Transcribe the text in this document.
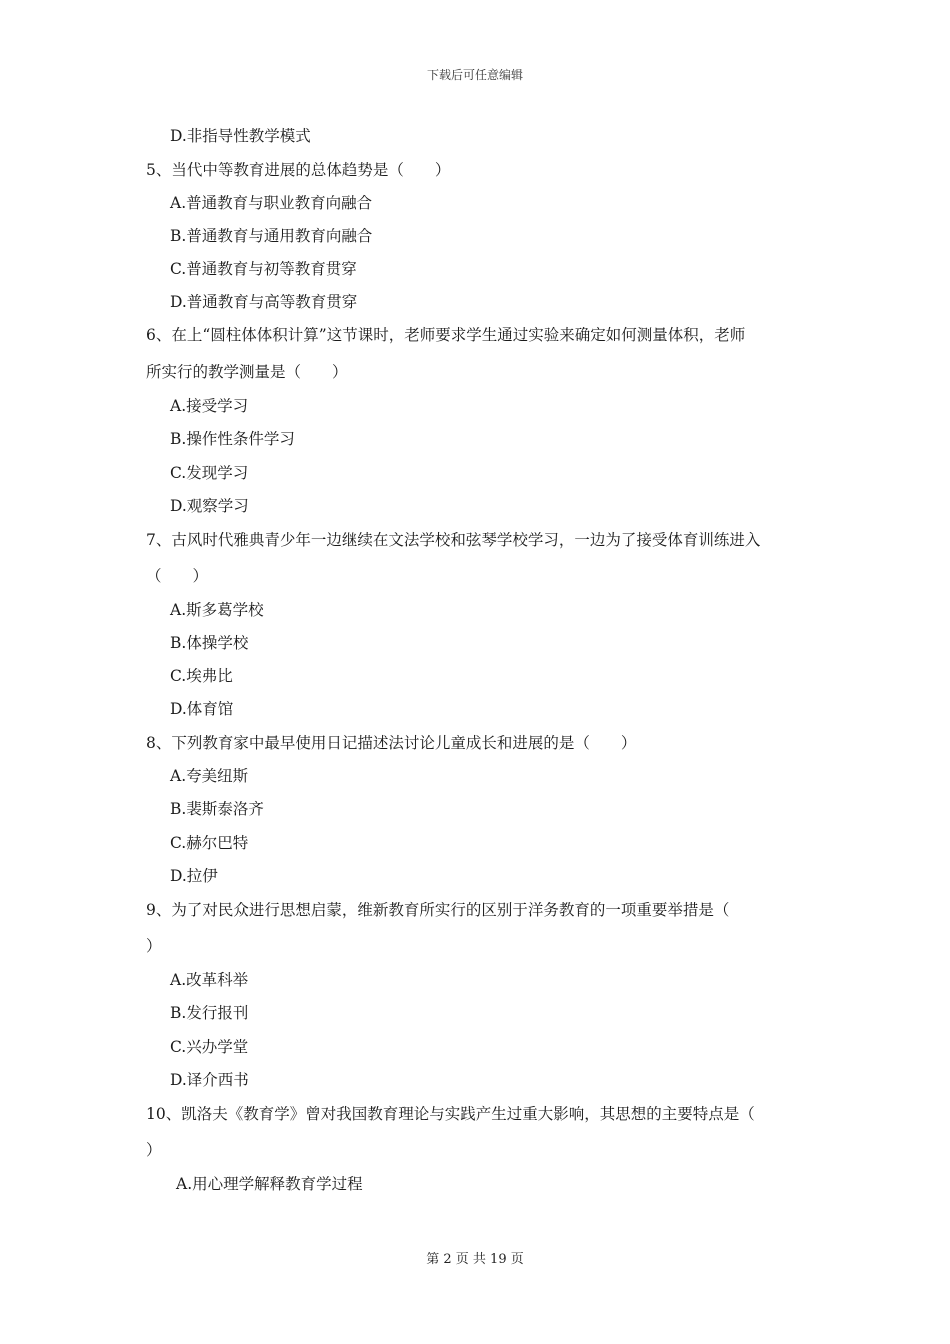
下载后可任意编辑
D.非指导性教学模式
5、当代中等教育进展的总体趋势是（　　）
A.普通教育与职业教育向融合
B.普通教育与通用教育向融合
C.普通教育与初等教育贯穿
D.普通教育与高等教育贯穿
6、在上“圆柱体体积计算”这节课时，老师要求学生通过实验来确定如何测量体积，老师
所实行的教学测量是（　　）
A.接受学习
B.操作性条件学习
C.发现学习
D.观察学习
7、古风时代雅典青少年一边继续在文法学校和弦琴学校学习，一边为了接受体育训练进入
（　　）
A.斯多葛学校
B.体操学校
C.埃弗比
D.体育馆
8、下列教育家中最早使用日记描述法讨论儿童成长和进展的是（　　）
A.夸美纽斯
B.裴斯泰洛齐
C.赫尔巴特
D.拉伊
9、为了对民众进行思想启蒙，维新教育所实行的区别于洋务教育的一项重要举措是（
）
A.改革科举
B.发行报刊
C.兴办学堂
D.译介西书
10、凯洛夫《教育学》曾对我国教育理论与实践产生过重大影响，其思想的主要特点是（
）
A.用心理学解释教育学过程
第 2 页 共 19 页
